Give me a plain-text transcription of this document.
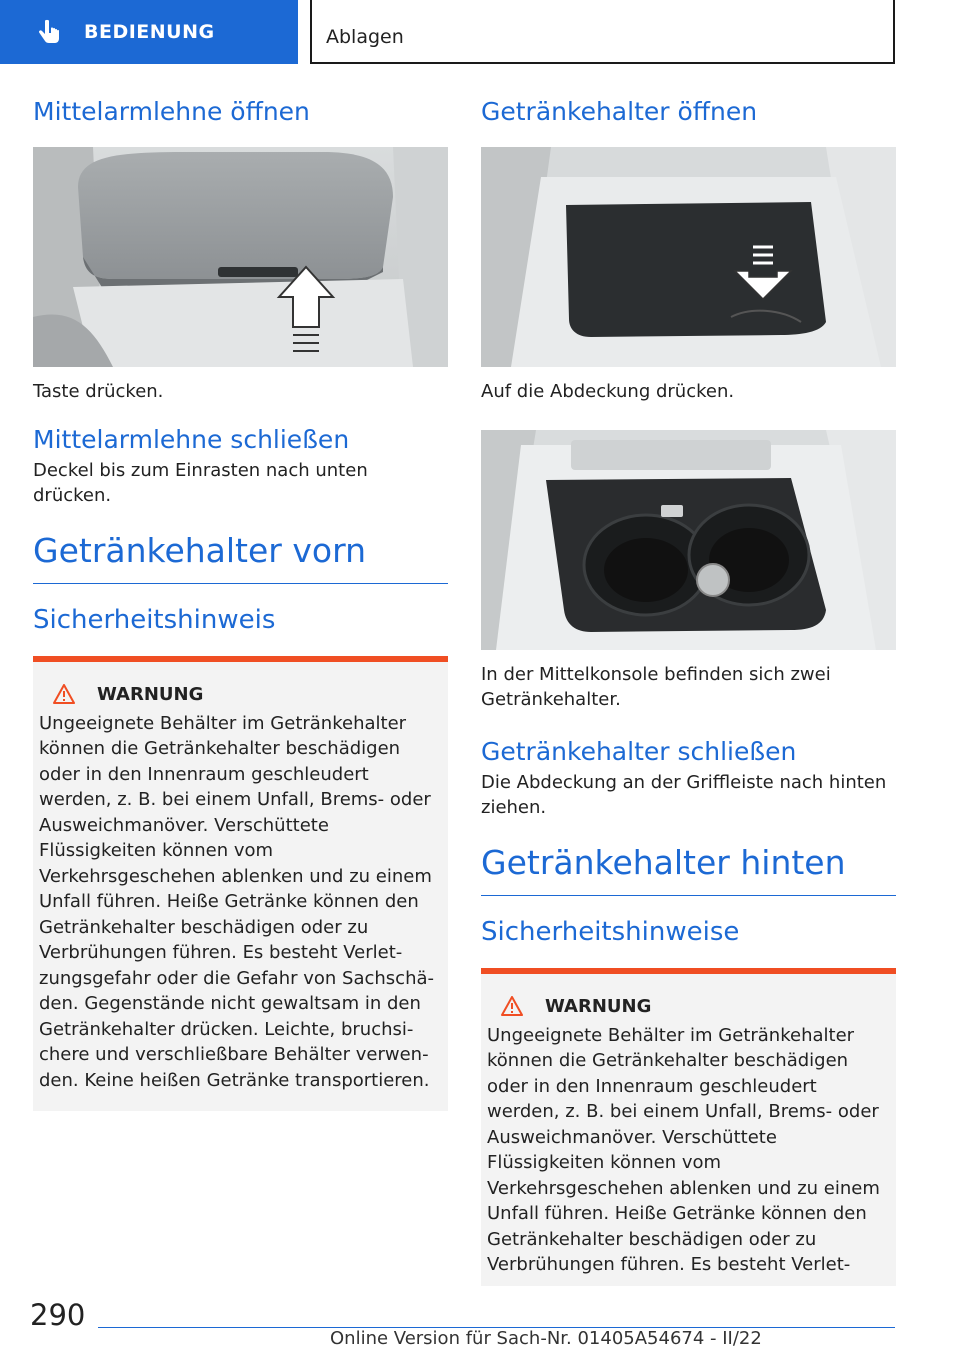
BEDIENUNG	Ablagen
Mittelarmlehne öffnen
Taste drücken.
Mittelarmlehne schließen
Deckel bis zum Einrasten nach unten drücken.
Getränkehalter vorn
Sicherheitshinweis
WARNUNG
Ungeeignete Behälter im Getränkehalter können die Getränkehalter beschädigen oder in den Innenraum geschleudert werden, z. B. bei einem Unfall, Brems- oder Ausweichmanöver. Verschüttete Flüssigkeiten können vom Verkehrsgeschehen ablenken und zu einem Unfall führen. Heiße Getränke können den Getränkehalter beschädigen oder zu Verbrühungen führen. Es besteht Verletzungsgefahr oder die Gefahr von Sachschäden. Gegenstände nicht gewaltsam in den Getränkehalter drücken. Leichte, bruchsichere und verschließbare Behälter verwenden. Keine heißen Getränke transportieren.
Getränkehalter öffnen
Auf die Abdeckung drücken.
In der Mittelkonsole befinden sich zwei Getränkehalter.
Getränkehalter schließen
Die Abdeckung an der Griffleiste nach hinten ziehen.
Getränkehalter hinten
Sicherheitshinweise
WARNUNG
Ungeeignete Behälter im Getränkehalter können die Getränkehalter beschädigen oder in den Innenraum geschleudert werden, z. B. bei einem Unfall, Brems- oder Ausweichmanöver. Verschüttete Flüssigkeiten können vom Verkehrsgeschehen ablenken und zu einem Unfall führen. Heiße Getränke können den Getränkehalter beschädigen oder zu Verbrühungen führen. Es besteht Verlet-
290
Online Version für Sach-Nr. 01405A54674 - II/22
